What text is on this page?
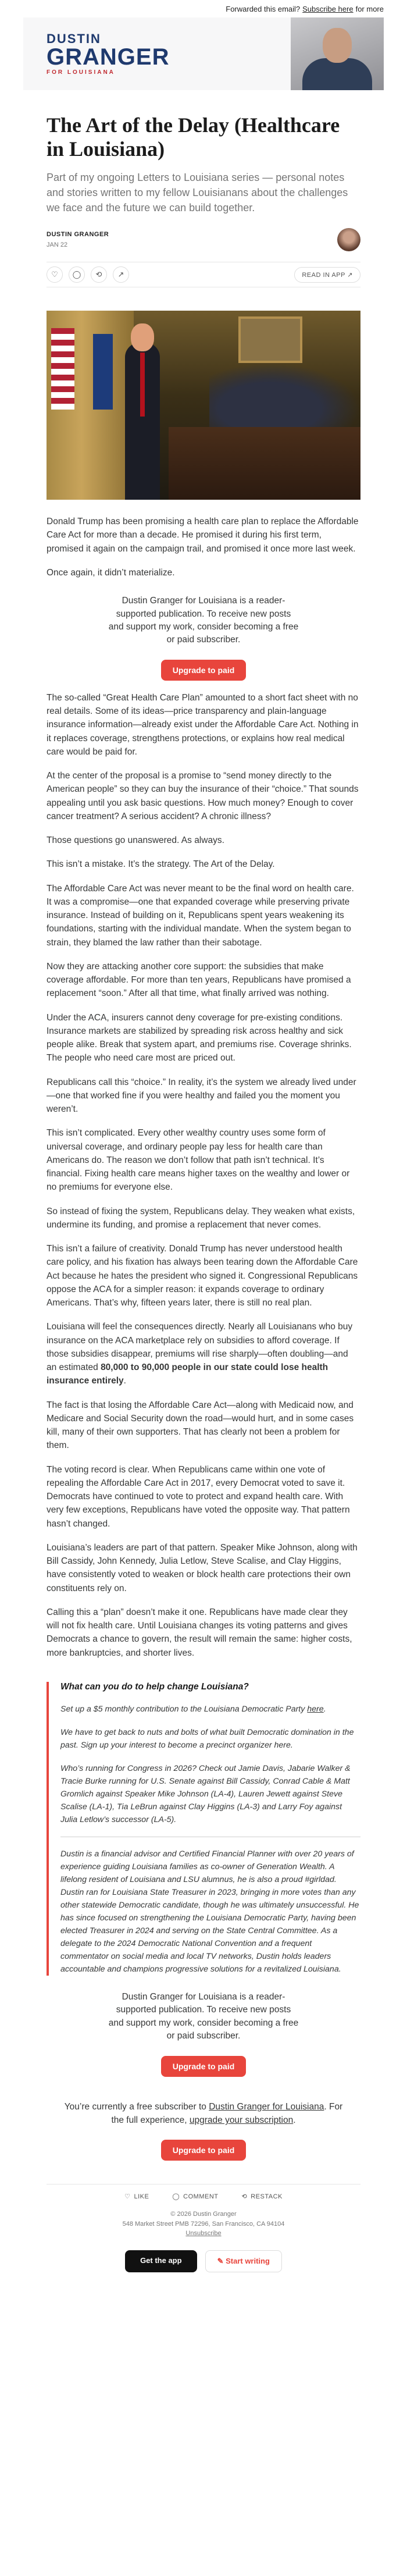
Forwarded this email? Subscribe here for more
DUSTIN
GRANGER
FOR LOUISIANA
The Art of the Delay (Healthcare in Louisiana)
Part of my ongoing Letters to Louisiana series — personal notes and stories written to my fellow Louisianans about the challenges we face and the future we can build together.
DUSTIN GRANGER
JAN 22
♡	◯	⟲	↗	READ IN APP ↗

Donald Trump has been promising a health care plan to replace the Affordable Care Act for more than a decade. He promised it during his first term, promised it again on the campaign trail, and promised it once more last week.

Once again, it didn’t materialize.

Dustin Granger for Louisiana is a reader-supported publication. To receive new posts and support my work, consider becoming a free or paid subscriber.
Upgrade to paid

The so-called “Great Health Care Plan” amounted to a short fact sheet with no real details. Some of its ideas—price transparency and plain-language insurance information—already exist under the Affordable Care Act. Nothing in it replaces coverage, strengthens protections, or explains how real medical care would be paid for.

At the center of the proposal is a promise to “send money directly to the American people” so they can buy the insurance of their “choice.” That sounds appealing until you ask basic questions. How much money? Enough to cover cancer treatment? A serious accident? A chronic illness?

Those questions go unanswered. As always.

This isn’t a mistake. It’s the strategy. The Art of the Delay.

The Affordable Care Act was never meant to be the final word on health care. It was a compromise—one that expanded coverage while preserving private insurance. Instead of building on it, Republicans spent years weakening its foundations, starting with the individual mandate. When the system began to strain, they blamed the law rather than their sabotage.

Now they are attacking another core support: the subsidies that make coverage affordable. For more than ten years, Republicans have promised a replacement “soon.” After all that time, what finally arrived was nothing.

Under the ACA, insurers cannot deny coverage for pre-existing conditions. Insurance markets are stabilized by spreading risk across healthy and sick people alike. Break that system apart, and premiums rise. Coverage shrinks. The people who need care most are priced out.

Republicans call this “choice.” In reality, it’s the system we already lived under—one that worked fine if you were healthy and failed you the moment you weren’t.

This isn’t complicated. Every other wealthy country uses some form of universal coverage, and ordinary people pay less for health care than Americans do. The reason we don’t follow that path isn’t technical. It’s financial. Fixing health care means higher taxes on the wealthy and lower or no premiums for everyone else.

So instead of fixing the system, Republicans delay. They weaken what exists, undermine its funding, and promise a replacement that never comes.

This isn’t a failure of creativity. Donald Trump has never understood health care policy, and his fixation has always been tearing down the Affordable Care Act because he hates the president who signed it. Congressional Republicans oppose the ACA for a simpler reason: it expands coverage to ordinary Americans. That’s why, fifteen years later, there is still no real plan.

Louisiana will feel the consequences directly. Nearly all Louisianans who buy insurance on the ACA marketplace rely on subsidies to afford coverage. If those subsidies disappear, premiums will rise sharply—often doubling—and an estimated 80,000 to 90,000 people in our state could lose health insurance entirely.

The fact is that losing the Affordable Care Act—along with Medicaid now, and Medicare and Social Security down the road—would hurt, and in some cases kill, many of their own supporters. That has clearly not been a problem for them.

The voting record is clear. When Republicans came within one vote of repealing the Affordable Care Act in 2017, every Democrat voted to save it. Democrats have continued to vote to protect and expand health care. With very few exceptions, Republicans have voted the opposite way. That pattern hasn’t changed.

Louisiana’s leaders are part of that pattern. Speaker Mike Johnson, along with Bill Cassidy, John Kennedy, Julia Letlow, Steve Scalise, and Clay Higgins, have consistently voted to weaken or block health care protections their own constituents rely on.

Calling this a “plan” doesn’t make it one. Republicans have made clear they will not fix health care. Until Louisiana changes its voting patterns and gives Democrats a chance to govern, the result will remain the same: higher costs, more bankruptcies, and shorter lives.

What can you do to help change Louisiana?

Set up a $5 monthly contribution to the Louisiana Democratic Party here.

We have to get back to nuts and bolts of what built Democratic domination in the past. Sign up your interest to become a precinct organizer here.

Who’s running for Congress in 2026? Check out Jamie Davis, Jabarie Walker & Tracie Burke running for U.S. Senate against Bill Cassidy, Conrad Cable & Matt Gromlich against Speaker Mike Johnson (LA-4), Lauren Jewett against Steve Scalise (LA-1), Tia LeBrun against Clay Higgins (LA-3) and Larry Foy against Julia Letlow’s successor (LA-5).

Dustin is a financial advisor and Certified Financial Planner with over 20 years of experience guiding Louisiana families as co-owner of Generation Wealth. A lifelong resident of Louisiana and LSU alumnus, he is also a proud #girldad. Dustin ran for Louisiana State Treasurer in 2023, bringing in more votes than any other statewide Democratic candidate, though he was ultimately unsuccessful. He has since focused on strengthening the Louisiana Democratic Party, having been elected Treasurer in 2024 and serving on the State Central Committee. As a delegate to the 2024 Democratic National Convention and a frequent commentator on social media and local TV networks, Dustin holds leaders accountable and champions progressive solutions for a revitalized Louisiana.

Dustin Granger for Louisiana is a reader-supported publication. To receive new posts and support my work, consider becoming a free or paid subscriber.
Upgrade to paid
You’re currently a free subscriber to Dustin Granger for Louisiana. For the full experience, upgrade your subscription.
Upgrade to paid
♡ LIKE	◯ COMMENT	⟲ RESTACK
© 2026 Dustin Granger
548 Market Street PMB 72296, San Francisco, CA 94104
Unsubscribe
Get the app	✎ Start writing
